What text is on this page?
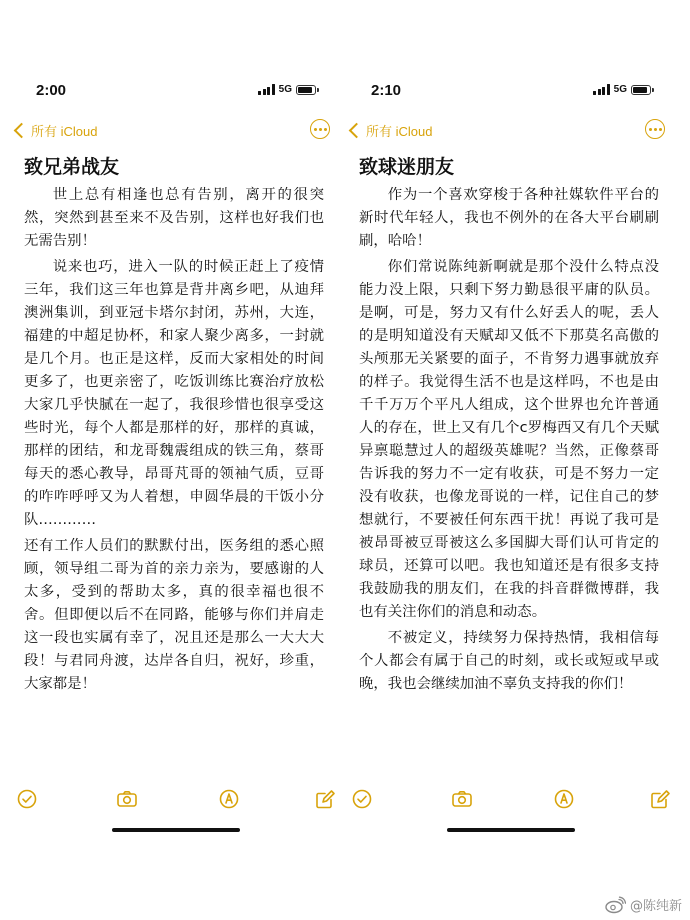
2:00	5G
所有 iCloud
致兄弟战友

世上总有相逢也总有告别，离开的很突然，突然到甚至来不及告别，这样也好我们也无需告别！

说来也巧，进入一队的时候正赶上了疫情三年，我们这三年也算是背井离乡吧，从迪拜澳洲集训，到亚冠卡塔尔封闭，苏州，大连，福建的中超足协杯，和家人聚少离多，一封就是几个月。也正是这样，反而大家相处的时间更多了，也更亲密了，吃饭训练比赛治疗放松大家几乎快腻在一起了，我很珍惜也很享受这些时光，每个人都是那样的好，那样的真诚，那样的团结，和龙哥魏震组成的铁三角，蔡哥每天的悉心教导，昂哥芃哥的领袖气质，豆哥的咋咋呼呼又为人着想，申圆华晨的干饭小分队…………

还有工作人员们的默默付出，医务组的悉心照顾，领导组二哥为首的亲力亲为，要感谢的人太多，受到的帮助太多，真的很幸福也很不舍。但即便以后不在同路，能够与你们并肩走这一段也实属有幸了，况且还是那么一大大大段！与君同舟渡，达岸各自归，祝好，珍重，大家都是！

2:10	5G
所有 iCloud
致球迷朋友

作为一个喜欢穿梭于各种社媒软件平台的新时代年轻人，我也不例外的在各大平台刷刷刷，哈哈！

你们常说陈纯新啊就是那个没什么特点没能力没上限，只剩下努力勤恳很平庸的队员。是啊，可是，努力又有什么好丢人的呢，丢人的是明知道没有天赋却又低不下那莫名高傲的头颅那无关紧要的面子，不肯努力遇事就放弃的样子。我觉得生活不也是这样吗，不也是由千千万万个平凡人组成，这个世界也允许普通人的存在，世上又有几个c罗梅西又有几个天赋异禀聪慧过人的超级英雄呢？当然，正像蔡哥告诉我的努力不一定有收获，可是不努力一定没有收获，也像龙哥说的一样，记住自己的梦想就行，不要被任何东西干扰！再说了我可是被昂哥被豆哥被这么多国脚大哥们认可肯定的球员，还算可以吧。我也知道还是有很多支持我鼓励我的朋友们，在我的抖音群微博群，我也有关注你们的消息和动态。

不被定义，持续努力保持热情，我相信每个人都会有属于自己的时刻，或长或短或早或晚，我也会继续加油不辜负支持我的你们！

@陈纯新
